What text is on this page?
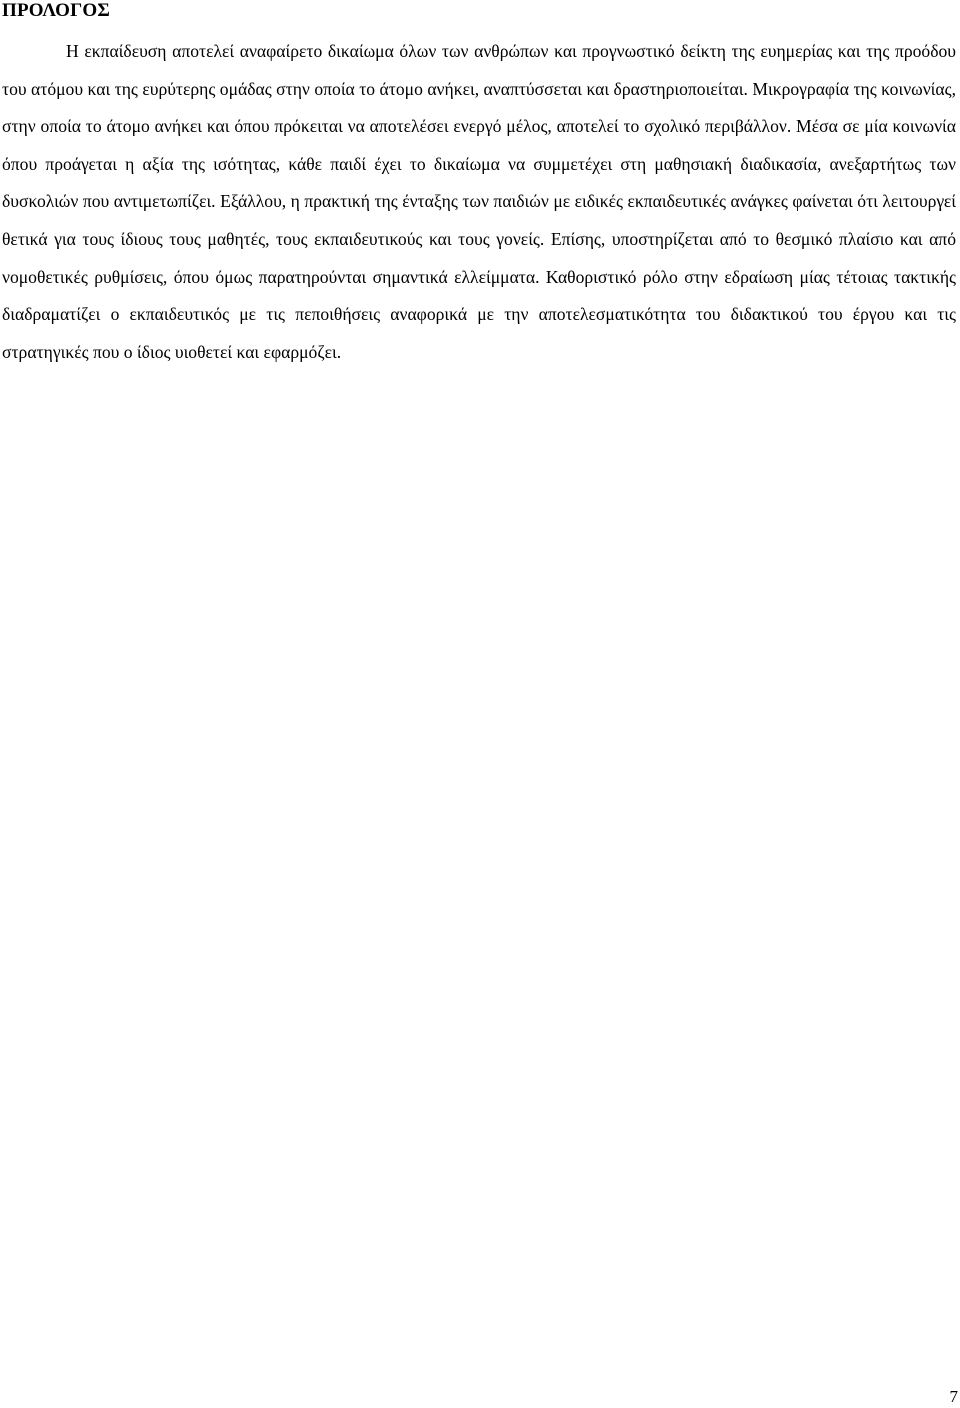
ΠΡΟΛΟΓΟΣ

Η εκπαίδευση αποτελεί αναφαίρετο δικαίωμα όλων των ανθρώπων και προγνωστικό δείκτη της ευημερίας και της προόδου του ατόμου και της ευρύτερης ομάδας στην οποία το άτομο ανήκει, αναπτύσσεται και δραστηριοποιείται. Μικρογραφία της κοινωνίας, στην οποία το άτομο ανήκει και όπου πρόκειται να αποτελέσει ενεργό μέλος, αποτελεί το σχολικό περιβάλλον. Μέσα σε μία κοινωνία όπου προάγεται η αξία της ισότητας, κάθε παιδί έχει το δικαίωμα να συμμετέχει στη μαθησιακή διαδικασία, ανεξαρτήτως των δυσκολιών που αντιμετωπίζει. Εξάλλου, η πρακτική της ένταξης των παιδιών με ειδικές εκπαιδευτικές ανάγκες φαίνεται ότι λειτουργεί θετικά για τους ίδιους τους μαθητές, τους εκπαιδευτικούς και τους γονείς. Επίσης, υποστηρίζεται από το θεσμικό πλαίσιο και από νομοθετικές ρυθμίσεις, όπου όμως παρατηρούνται σημαντικά ελλείμματα. Καθοριστικό ρόλο στην εδραίωση μίας τέτοιας τακτικής διαδραματίζει ο εκπαιδευτικός με τις πεποιθήσεις αναφορικά με την αποτελεσματικότητα του διδακτικού του έργου και τις στρατηγικές που ο ίδιος υιοθετεί και εφαρμόζει.

7
